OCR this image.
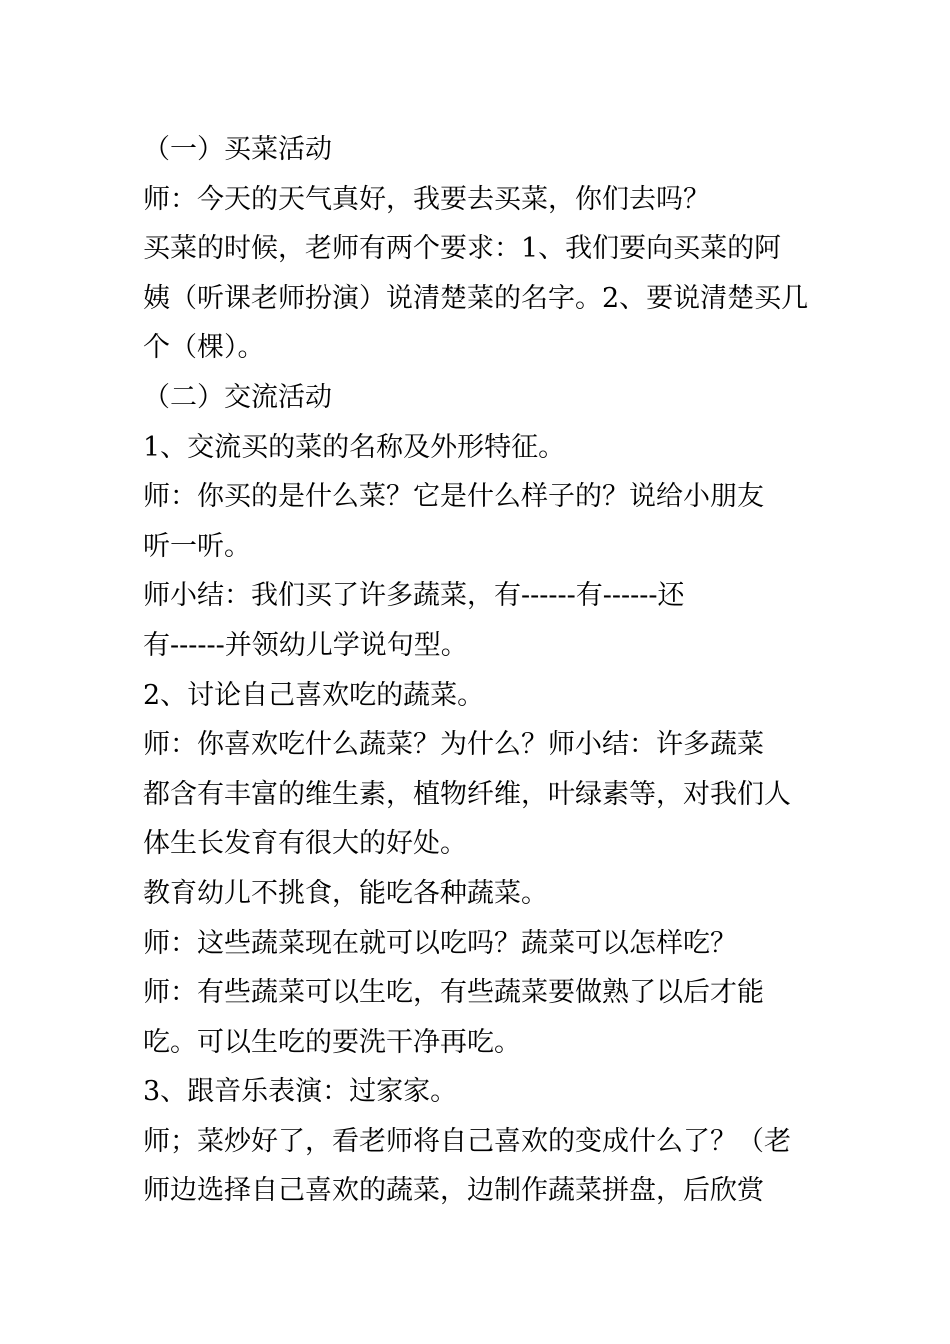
（一）买菜活动
师：今天的天气真好，我要去买菜，你们去吗？
买菜的时候，老师有两个要求：1、我们要向买菜的阿
姨（听课老师扮演）说清楚菜的名字。2、要说清楚买几
个（棵）。
（二）交流活动
1、交流买的菜的名称及外形特征。
师：你买的是什么菜？它是什么样子的？说给小朋友
听一听。
师小结：我们买了许多蔬菜，有------有------还
有------并领幼儿学说句型。
2、讨论自己喜欢吃的蔬菜。
师：你喜欢吃什么蔬菜？为什么？师小结：许多蔬菜
都含有丰富的维生素，植物纤维，叶绿素等，对我们人
体生长发育有很大的好处。
教育幼儿不挑食，能吃各种蔬菜。
师：这些蔬菜现在就可以吃吗？蔬菜可以怎样吃？
师：有些蔬菜可以生吃，有些蔬菜要做熟了以后才能
吃。可以生吃的要洗干净再吃。
3、跟音乐表演：过家家。
师；菜炒好了，看老师将自己喜欢的变成什么了？（老
师边选择自己喜欢的蔬菜，边制作蔬菜拼盘，后欣赏
